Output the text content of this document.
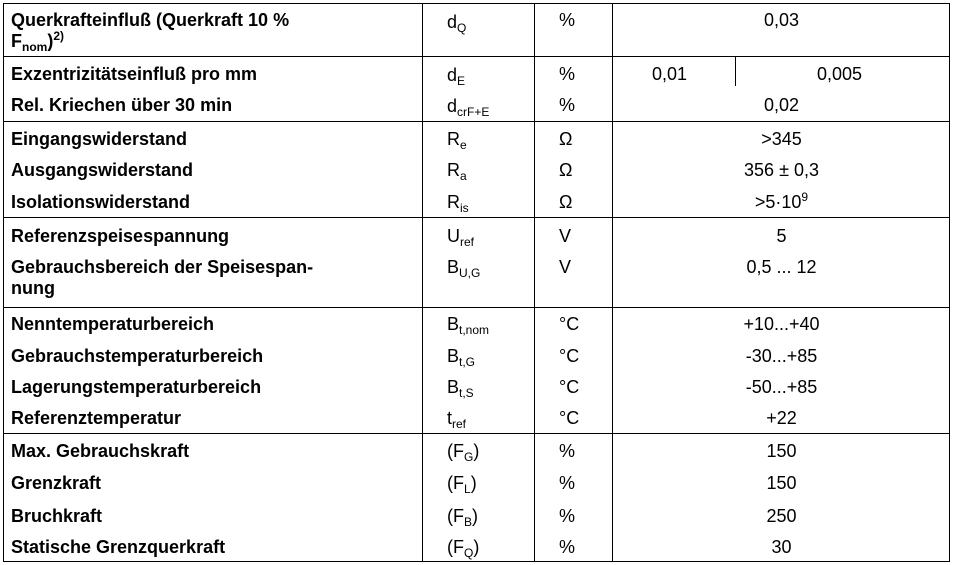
Querkrafteinfluß (Querkraft 10 %
$F_{nom})^{2)}$
$d_Q$	%	0,03
Exzentrizitätseinfluß pro mm	$d_E$	%	0,01	0,005
Rel. Kriechen über 30 min	$d_{crF+E}$	%	0,02
Eingangswiderstand	$R_e$	Ω	>345
Ausgangswiderstand	$R_a$	Ω	356 ± 0,3
Isolationswiderstand	$R_{is}$	Ω	$>5\cdot 10^9$
Referenzspeisespannung	$U_{ref}$	V	5
Gebrauchsbereich der Speisespan-
nung
$B_{U,G}$	V	0,5 ... 12
Nenntemperaturbereich	$B_{t,nom}$	°C	+10...+40
Gebrauchstemperaturbereich	$B_{t,G}$	°C	-30...+85
Lagerungstemperaturbereich	$B_{t,S}$	°C	-50...+85
Referenztemperatur	$t_{ref}$	°C	+22
Max. Gebrauchskraft	$(F_G)$	%	150
Grenzkraft	$(F_L)$	%	150
Bruchkraft	$(F_B)$	%	250
Statische Grenzquerkraft	$(F_Q)$	%	30
